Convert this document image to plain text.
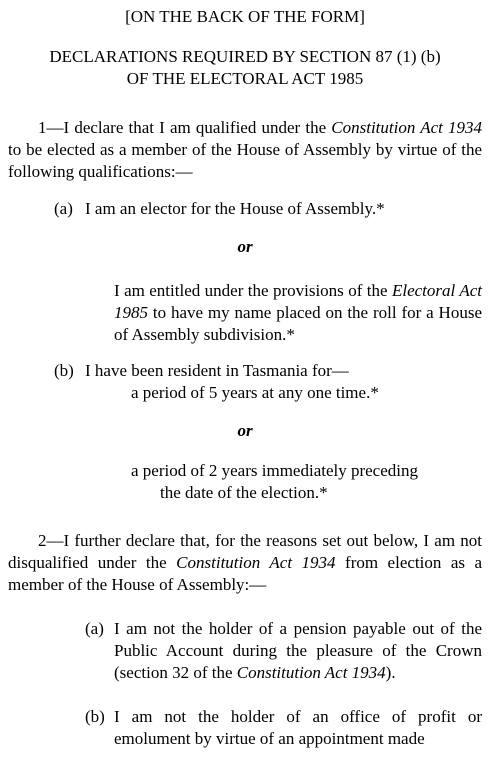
[ON THE BACK OF THE FORM]

DECLARATIONS REQUIRED BY SECTION 87 (1) (b)
OF THE ELECTORAL ACT 1985

1—I declare that I am qualified under the Constitution Act 1934 to be elected as a member of the House of Assembly by virtue of the following qualifications:—

(a) I am an elector for the House of Assembly.*

or

I am entitled under the provisions of the Electoral Act 1985 to have my name placed on the roll for a House of Assembly subdivision.*

(b) I have been resident in Tasmania for—

a period of 5 years at any one time.*

or

a period of 2 years immediately preceding

the date of the election.*

2—I further declare that, for the reasons set out below, I am not disqualified under the Constitution Act 1934 from election as a member of the House of Assembly:—

(a) I am not the holder of a pension payable out of the Public Account during the pleasure of the Crown (section 32 of the Constitution Act 1934).

(b) I am not the holder of an office of profit or emolument by virtue of an appointment made
